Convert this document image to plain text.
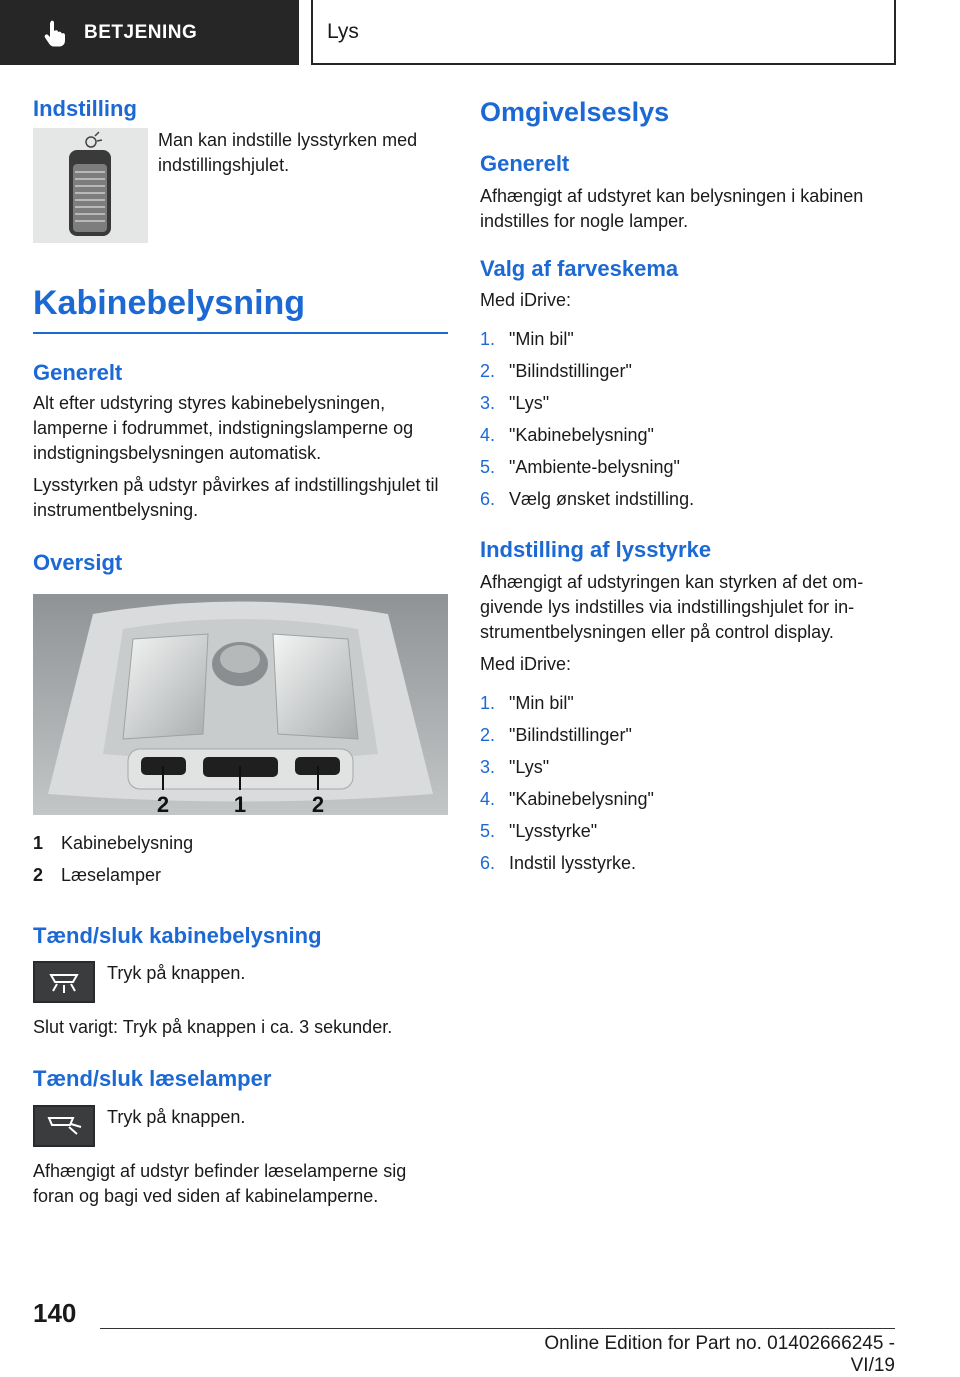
BETJENING	Lys
Indstilling

Man kan indstille lysstyrken med indstillingshjulet.

Kabinebelysning
Generelt

Alt efter udstyring styres kabinebelysningen, lamperne i fodrummet, indstigningslamperne og indstigningsbelysningen automatisk.

Lysstyrken på udstyr påvirkes af indstillingshjulet til instrumentbelysning.

Oversigt
2	1	2
1 Kabinebelysning
2 Læselamper
Tænd/sluk kabinebelysning

Tryk på knappen.

Slut varigt: Tryk på knappen i ca. 3 sekunder.

Tænd/sluk læselamper

Tryk på knappen.

Afhængigt af udstyr befinder læselamperne sig foran og bagi ved siden af kabinelamperne.

Omgivelseslys
Generelt

Afhængigt af udstyret kan belysningen i kabinen indstilles for nogle lamper.

Valg af farveskema

Med iDrive:

1. "Min bil"
2. "Bilindstillinger"
3. "Lys"
4. "Kabinebelysning"
5. "Ambiente-belysning"
6. Vælg ønsket indstilling.
Indstilling af lysstyrke

Afhængigt af udstyringen kan styrken af det om-givende lys indstilles via indstillingshjulet for in-strumentbelysningen eller på control display.

Med iDrive:

1. "Min bil"
2. "Bilindstillinger"
3. "Lys"
4. "Kabinebelysning"
5. "Lysstyrke"
6. Indstil lysstyrke.
140
Online Edition for Part no. 01402666245 - VI/19
